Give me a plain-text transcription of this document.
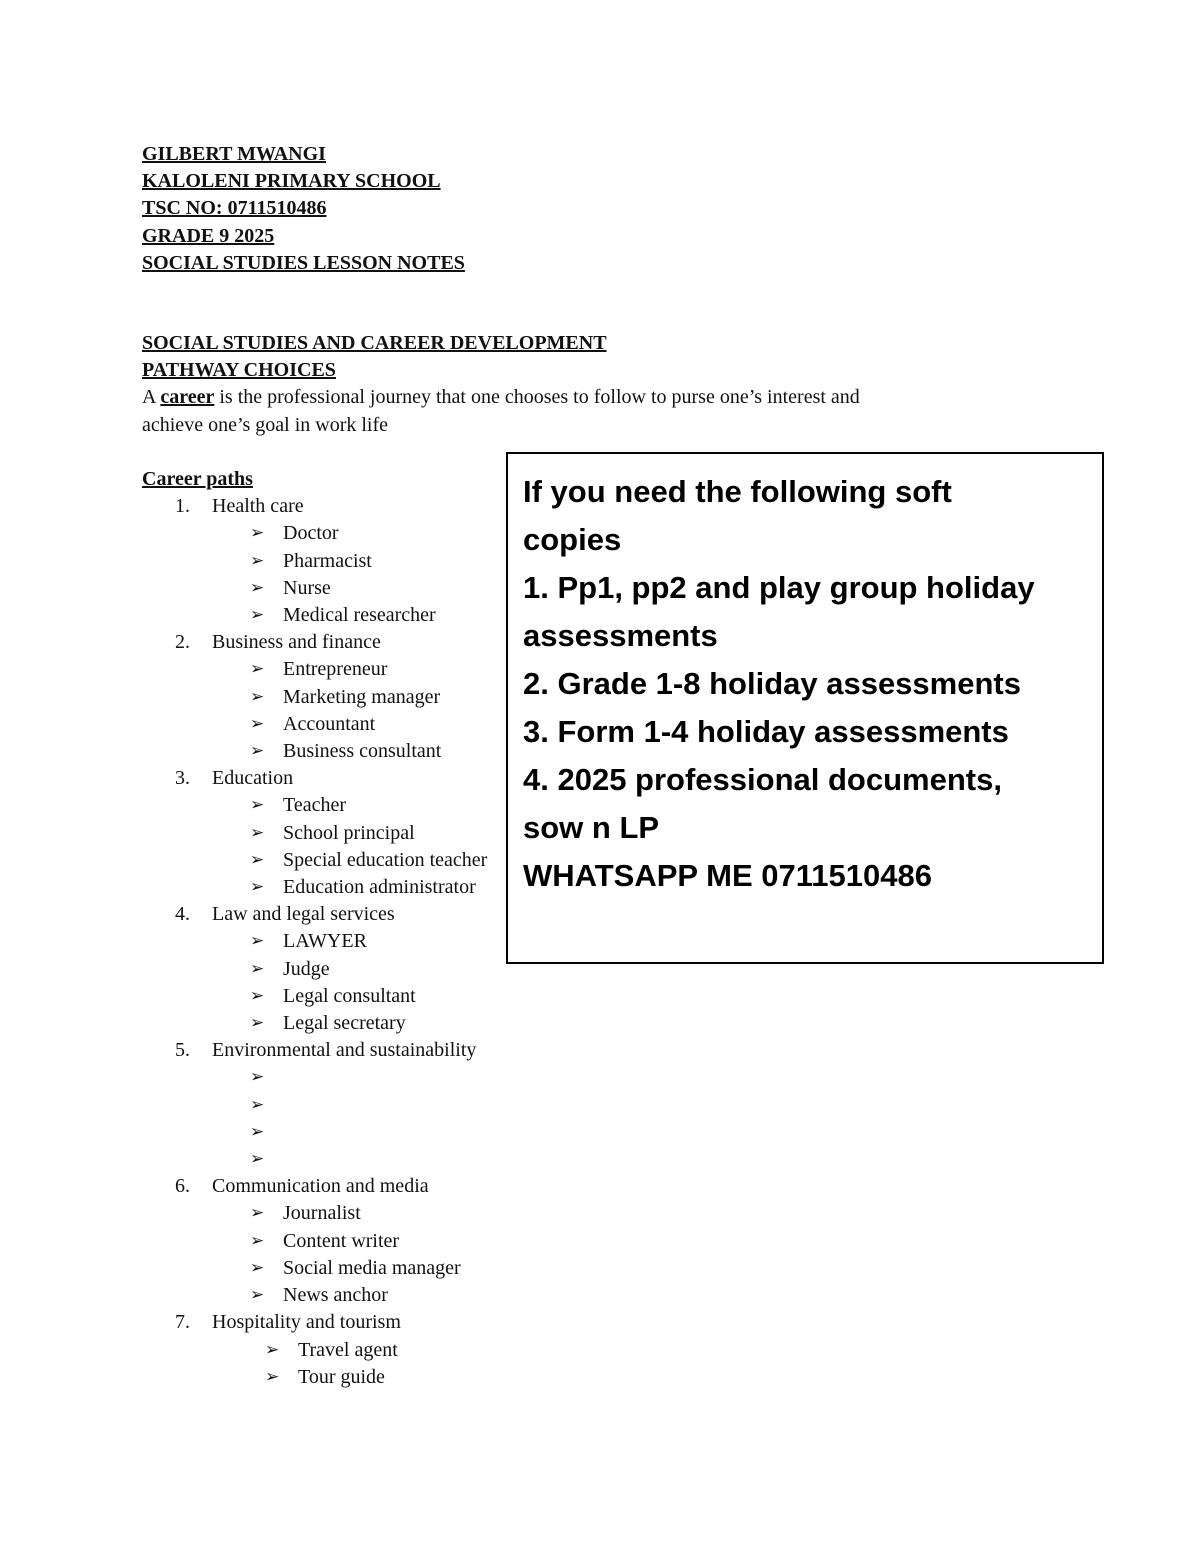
GILBERT MWANGI
KALOLENI PRIMARY SCHOOL
TSC NO: 0711510486
GRADE 9 2025
SOCIAL STUDIES LESSON NOTES
SOCIAL STUDIES AND CAREER DEVELOPMENT
PATHWAY CHOICES
A career is the professional journey that one chooses to follow to purse one’s interest and
achieve one’s goal in work life
Career paths
1. Health care
➢ Doctor
➢ Pharmacist
➢ Nurse
➢ Medical researcher
2. Business and finance
➢ Entrepreneur
➢ Marketing manager
➢ Accountant
➢ Business consultant
3. Education
➢ Teacher
➢ School principal
➢ Special education teacher
➢ Education administrator
4. Law and legal services
➢ LAWYER
➢ Judge
➢ Legal consultant
➢ Legal secretary
5. Environmental and sustainability
➢

➢

➢

➢

6. Communication and media
➢ Journalist
➢ Content writer
➢ Social media manager
➢ News anchor
7. Hospitality and tourism
➢ Travel agent
➢ Tour guide
If you need the following soft
copies
1. Pp1, pp2 and play group holiday
assessments
2. Grade 1-8 holiday assessments
3. Form 1-4 holiday assessments
4. 2025 professional documents,
sow n LP
WHATSAPP ME 0711510486
